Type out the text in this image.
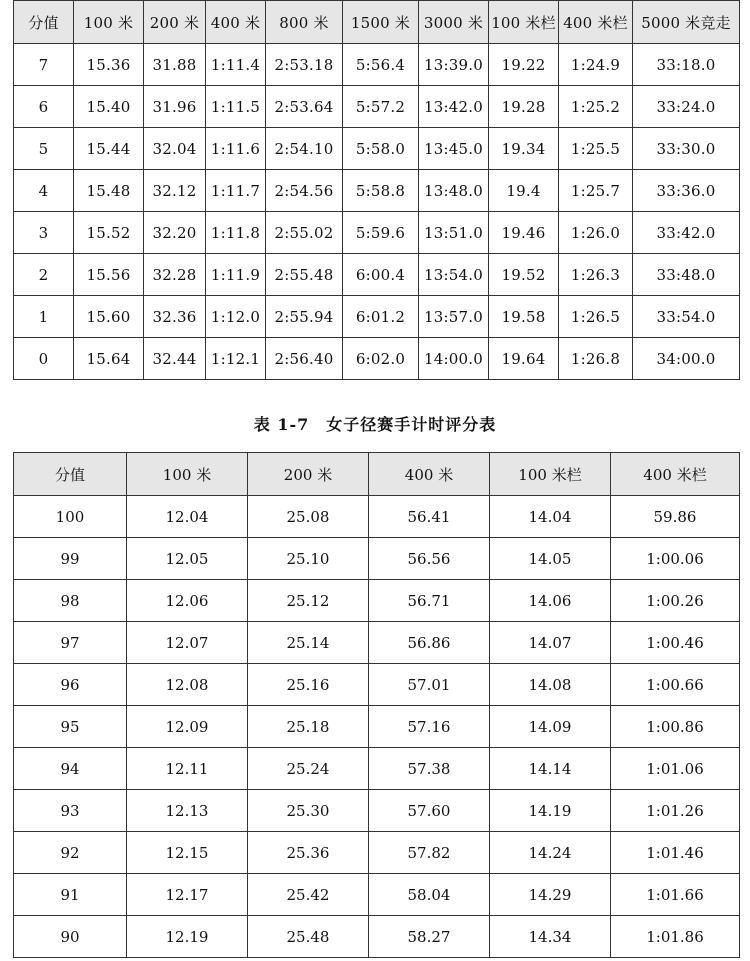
分值	100 米	200 米	400 米	800 米	1500 米	3000 米	100 米栏	400 米栏	5000 米竞走
7	15.36	31.88	1:11.4	2:53.18	5:56.4	13:39.0	19.22	1:24.9	33:18.0
6	15.40	31.96	1:11.5	2:53.64	5:57.2	13:42.0	19.28	1:25.2	33:24.0
5	15.44	32.04	1:11.6	2:54.10	5:58.0	13:45.0	19.34	1:25.5	33:30.0
4	15.48	32.12	1:11.7	2:54.56	5:58.8	13:48.0	19.4	1:25.7	33:36.0
3	15.52	32.20	1:11.8	2:55.02	5:59.6	13:51.0	19.46	1:26.0	33:42.0
2	15.56	32.28	1:11.9	2:55.48	6:00.4	13:54.0	19.52	1:26.3	33:48.0
1	15.60	32.36	1:12.0	2:55.94	6:01.2	13:57.0	19.58	1:26.5	33:54.0
0	15.64	32.44	1:12.1	2:56.40	6:02.0	14:00.0	19.64	1:26.8	34:00.0
表 1-7　女子径赛手计时评分表
分值	100 米	200 米	400 米	100 米栏	400 米栏
100	12.04	25.08	56.41	14.04	59.86
99	12.05	25.10	56.56	14.05	1:00.06
98	12.06	25.12	56.71	14.06	1:00.26
97	12.07	25.14	56.86	14.07	1:00.46
96	12.08	25.16	57.01	14.08	1:00.66
95	12.09	25.18	57.16	14.09	1:00.86
94	12.11	25.24	57.38	14.14	1:01.06
93	12.13	25.30	57.60	14.19	1:01.26
92	12.15	25.36	57.82	14.24	1:01.46
91	12.17	25.42	58.04	14.29	1:01.66
90	12.19	25.48	58.27	14.34	1:01.86
